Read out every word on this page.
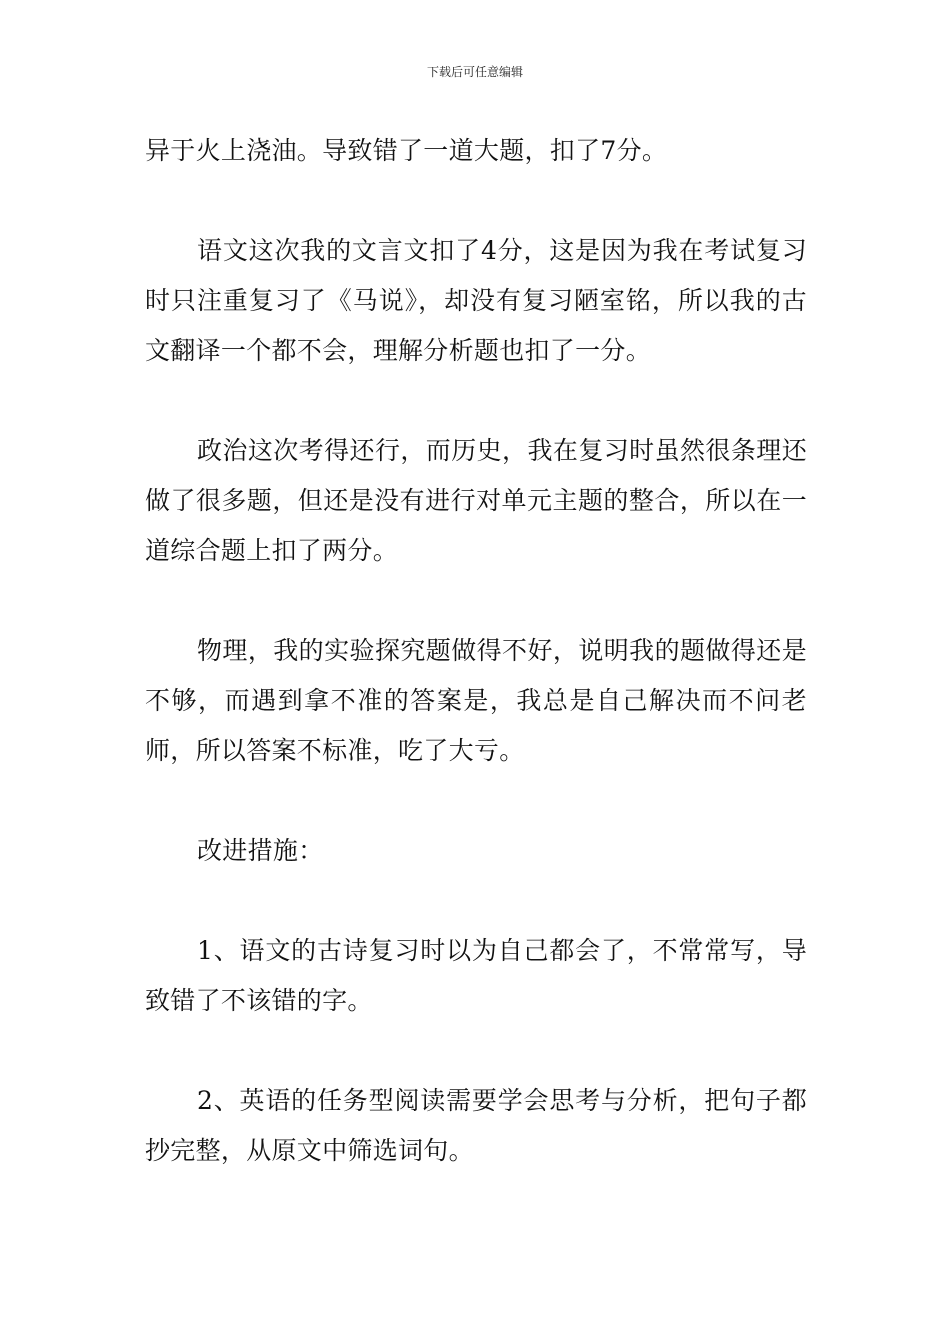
下载后可任意编辑

异于火上浇油。导致错了一道大题，扣了7分。

语文这次我的文言文扣了4分，这是因为我在考试复习时只注重复习了《马说》，却没有复习陋室铭，所以我的古文翻译一个都不会，理解分析题也扣了一分。

政治这次考得还行，而历史，我在复习时虽然很条理还做了很多题，但还是没有进行对单元主题的整合，所以在一道综合题上扣了两分。

物理，我的实验探究题做得不好，说明我的题做得还是不够，而遇到拿不准的答案是，我总是自己解决而不问老师，所以答案不标准，吃了大亏。

改进措施：

1、语文的古诗复习时以为自己都会了，不常常写，导致错了不该错的字。

2、英语的任务型阅读需要学会思考与分析，把句子都抄完整，从原文中筛选词句。
